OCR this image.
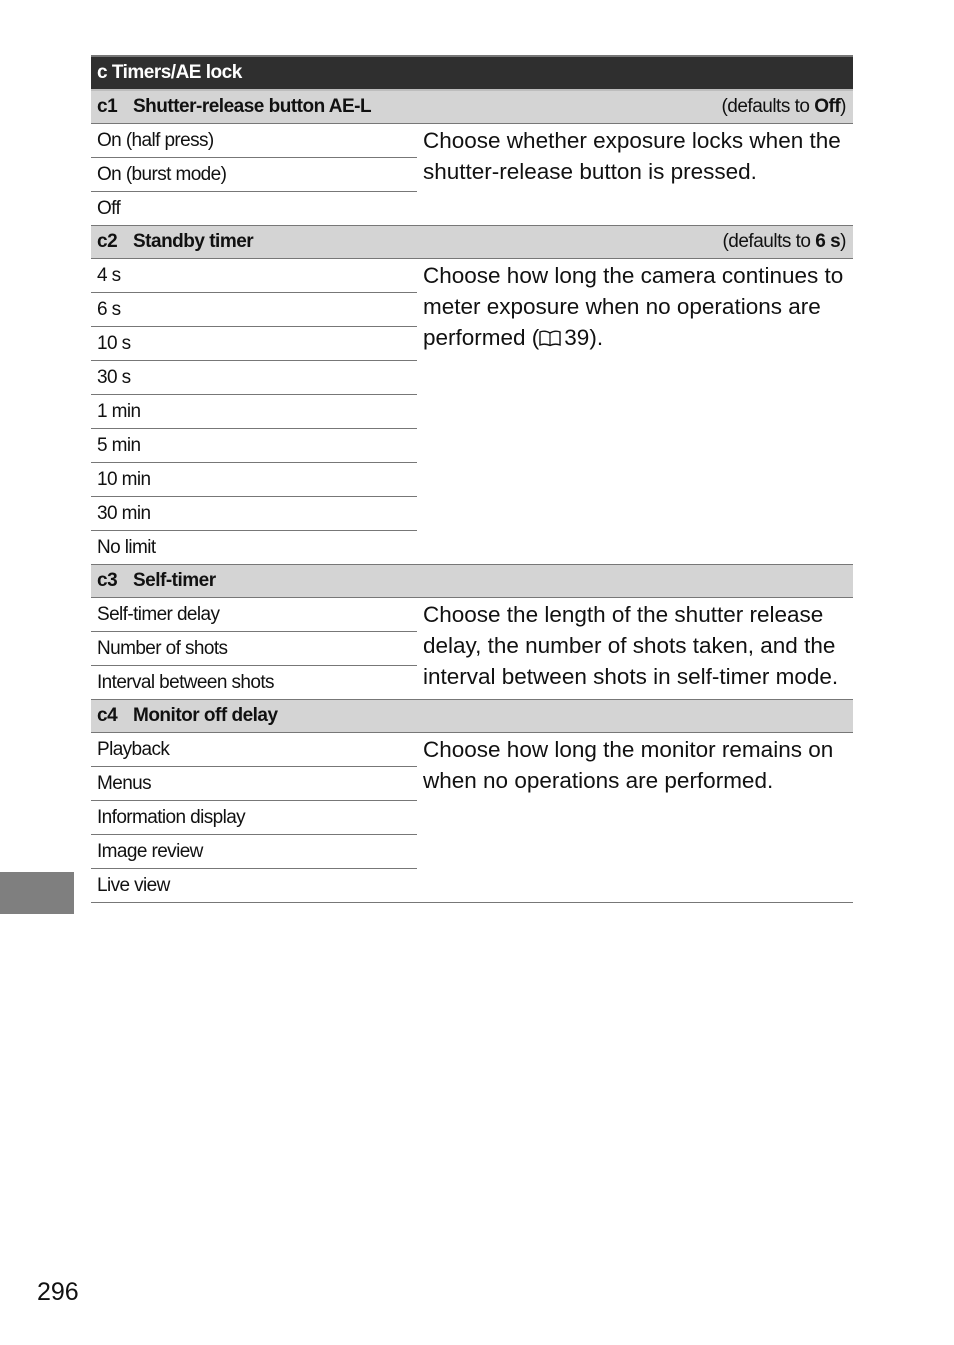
c Timers/AE lock
c1 Shutter-release button AE-L	(defaults to Off)
On (half press)
On (burst mode)
Off
Choose whether exposure locks when the shutter-release button is pressed.
c2 Standby timer	(defaults to 6 s)
4 s
6 s
10 s
30 s
1 min
5 min
10 min
30 min
No limit
Choose how long the camera continues to meter exposure when no operations are performed ( 39).
c3 Self-timer
Self-timer delay
Number of shots
Interval between shots
Choose the length of the shutter release delay, the number of shots taken, and the interval between shots in self-timer mode.
c4 Monitor off delay
Playback
Menus
Information display
Image review
Live view
Choose how long the monitor remains on when no operations are performed.
296
